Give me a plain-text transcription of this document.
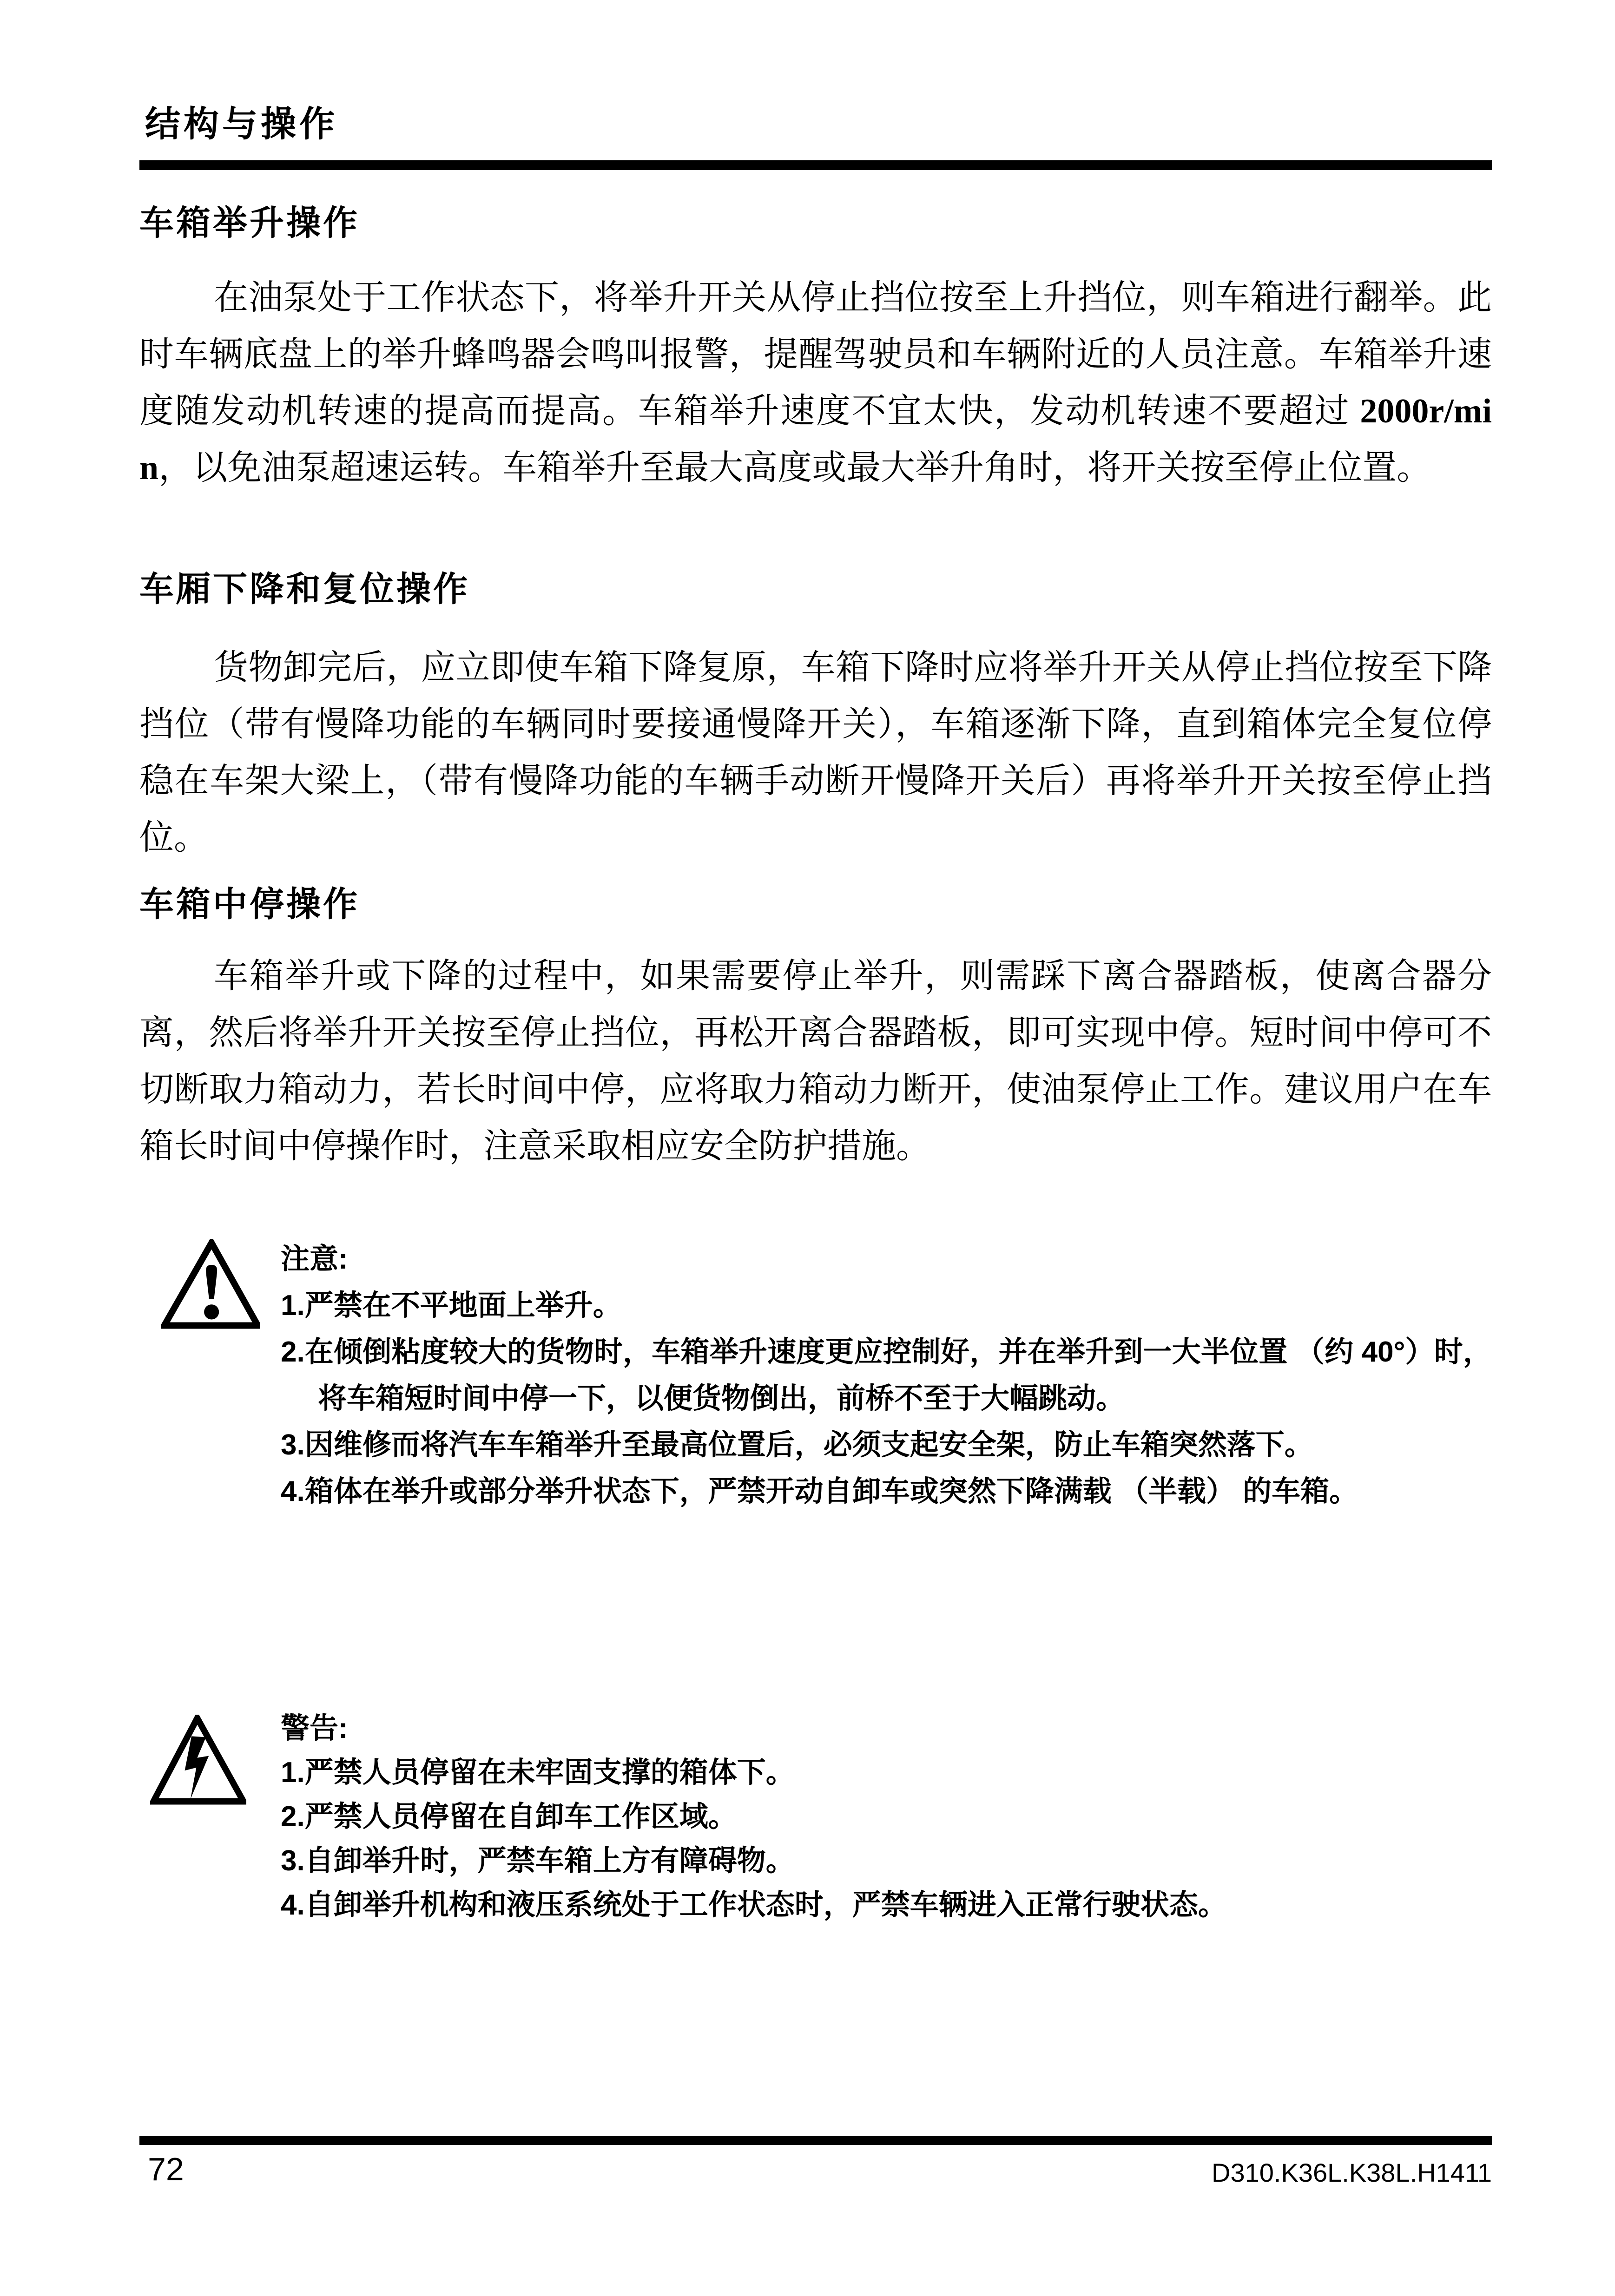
结构与操作
车箱举升操作

在油泵处于工作状态下，将举升开关从停止挡位按至上升挡位，则车箱进行翻举。此时车辆底盘上的举升蜂鸣器会鸣叫报警，提醒驾驶员和车辆附近的人员注意。车箱举升速度随发动机转速的提高而提高。车箱举升速度不宜太快，发动机转速不要超过 2000r/min，以免油泵超速运转。车箱举升至最大高度或最大举升角时，将开关按至停止位置。

车厢下降和复位操作

货物卸完后，应立即使车箱下降复原，车箱下降时应将举升开关从停止挡位按至下降挡位（带有慢降功能的车辆同时要接通慢降开关），车箱逐渐下降，直到箱体完全复位停稳在车架大梁上，（带有慢降功能的车辆手动断开慢降开关后）再将举升开关按至停止挡位。

车箱中停操作

车箱举升或下降的过程中，如果需要停止举升，则需踩下离合器踏板，使离合器分离，然后将举升开关按至停止挡位，再松开离合器踏板，即可实现中停。短时间中停可不切断取力箱动力，若长时间中停，应将取力箱动力断开，使油泵停止工作。建议用户在车箱长时间中停操作时，注意采取相应安全防护措施。

注意:
1.严禁在不平地面上举升。
2.在倾倒粘度较大的货物时，车箱举升速度更应控制好，并在举升到一大半位置 （约 40°）时，将车箱短时间中停一下，以便货物倒出，前桥不至于大幅跳动。
3.因维修而将汽车车箱举升至最高位置后，必须支起安全架，防止车箱突然落下。
4.箱体在举升或部分举升状态下，严禁开动自卸车或突然下降满载 （半载） 的车箱。
警告:
1.严禁人员停留在未牢固支撑的箱体下。
2.严禁人员停留在自卸车工作区域。
3.自卸举升时，严禁车箱上方有障碍物。
4.自卸举升机构和液压系统处于工作状态时，严禁车辆进入正常行驶状态。
72	D310.K36L.K38L.H1411
